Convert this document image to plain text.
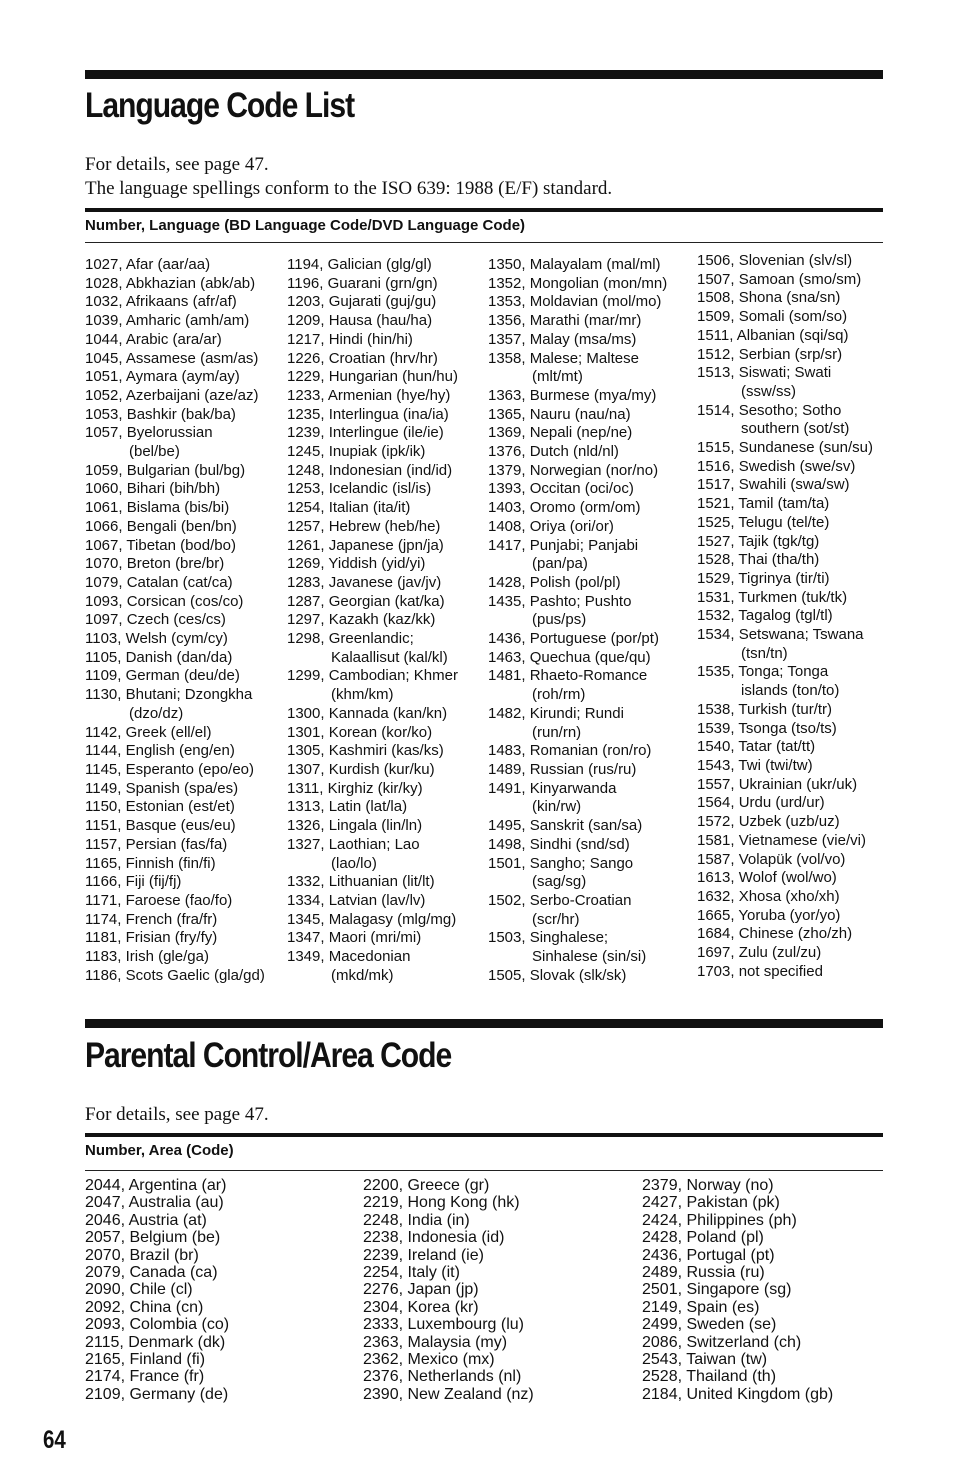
Language Code List

For details, see page 47.

The language spellings conform to the ISO 639: 1988 (E/F) standard.

Number, Language (BD Language Code/DVD Language Code)

1027, Afar (aar/aa)
1028, Abkhazian (abk/ab)
1032, Afrikaans (afr/af)
1039, Amharic (amh/am)
1044, Arabic (ara/ar)
1045, Assamese (asm/as)
1051, Aymara (aym/ay)
1052, Azerbaijani (aze/az)
1053, Bashkir (bak/ba)
1057, Byelorussian
(bel/be)
1059, Bulgarian (bul/bg)
1060, Bihari (bih/bh)
1061, Bislama (bis/bi)
1066, Bengali (ben/bn)
1067, Tibetan (bod/bo)
1070, Breton (bre/br)
1079, Catalan (cat/ca)
1093, Corsican (cos/co)
1097, Czech (ces/cs)
1103, Welsh (cym/cy)
1105, Danish (dan/da)
1109, German (deu/de)
1130, Bhutani; Dzongkha
(dzo/dz)
1142, Greek (ell/el)
1144, English (eng/en)
1145, Esperanto (epo/eo)
1149, Spanish (spa/es)
1150, Estonian (est/et)
1151, Basque (eus/eu)
1157, Persian (fas/fa)
1165, Finnish (fin/fi)
1166, Fiji (fij/fj)
1171, Faroese (fao/fo)
1174, French (fra/fr)
1181, Frisian (fry/fy)
1183, Irish (gle/ga)
1186, Scots Gaelic (gla/gd)
1194, Galician (glg/gl)
1196, Guarani (grn/gn)
1203, Gujarati (guj/gu)
1209, Hausa (hau/ha)
1217, Hindi (hin/hi)
1226, Croatian (hrv/hr)
1229, Hungarian (hun/hu)
1233, Armenian (hye/hy)
1235, Interlingua (ina/ia)
1239, Interlingue (ile/ie)
1245, Inupiak (ipk/ik)
1248, Indonesian (ind/id)
1253, Icelandic (isl/is)
1254, Italian (ita/it)
1257, Hebrew (heb/he)
1261, Japanese (jpn/ja)
1269, Yiddish (yid/yi)
1283, Javanese (jav/jv)
1287, Georgian (kat/ka)
1297, Kazakh (kaz/kk)
1298, Greenlandic;
Kalaallisut (kal/kl)
1299, Cambodian; Khmer
(khm/km)
1300, Kannada (kan/kn)
1301, Korean (kor/ko)
1305, Kashmiri (kas/ks)
1307, Kurdish (kur/ku)
1311, Kirghiz (kir/ky)
1313, Latin (lat/la)
1326, Lingala (lin/ln)
1327, Laothian; Lao
(lao/lo)
1332, Lithuanian (lit/lt)
1334, Latvian (lav/lv)
1345, Malagasy (mlg/mg)
1347, Maori (mri/mi)
1349, Macedonian
(mkd/mk)
1350, Malayalam (mal/ml)
1352, Mongolian (mon/mn)
1353, Moldavian (mol/mo)
1356, Marathi (mar/mr)
1357, Malay (msa/ms)
1358, Malese; Maltese
(mlt/mt)
1363, Burmese (mya/my)
1365, Nauru (nau/na)
1369, Nepali (nep/ne)
1376, Dutch (nld/nl)
1379, Norwegian (nor/no)
1393, Occitan (oci/oc)
1403, Oromo (orm/om)
1408, Oriya (ori/or)
1417, Punjabi; Panjabi
(pan/pa)
1428, Polish (pol/pl)
1435, Pashto; Pushto
(pus/ps)
1436, Portuguese (por/pt)
1463, Quechua (que/qu)
1481, Rhaeto-Romance
(roh/rm)
1482, Kirundi; Rundi
(run/rn)
1483, Romanian (ron/ro)
1489, Russian (rus/ru)
1491, Kinyarwanda
(kin/rw)
1495, Sanskrit (san/sa)
1498, Sindhi (snd/sd)
1501, Sangho; Sango
(sag/sg)
1502, Serbo-Croatian
(scr/hr)
1503, Singhalese;
Sinhalese (sin/si)
1505, Slovak (slk/sk)
1506, Slovenian (slv/sl)
1507, Samoan (smo/sm)
1508, Shona (sna/sn)
1509, Somali (som/so)
1511, Albanian (sqi/sq)
1512, Serbian (srp/sr)
1513, Siswati; Swati
(ssw/ss)
1514, Sesotho; Sotho
southern (sot/st)
1515, Sundanese (sun/su)
1516, Swedish (swe/sv)
1517, Swahili (swa/sw)
1521, Tamil (tam/ta)
1525, Telugu (tel/te)
1527, Tajik (tgk/tg)
1528, Thai (tha/th)
1529, Tigrinya (tir/ti)
1531, Turkmen (tuk/tk)
1532, Tagalog (tgl/tl)
1534, Setswana; Tswana
(tsn/tn)
1535, Tonga; Tonga
islands (ton/to)
1538, Turkish (tur/tr)
1539, Tsonga (tso/ts)
1540, Tatar (tat/tt)
1543, Twi (twi/tw)
1557, Ukrainian (ukr/uk)
1564, Urdu (urd/ur)
1572, Uzbek (uzb/uz)
1581, Vietnamese (vie/vi)
1587, Volapük (vol/vo)
1613, Wolof (wol/wo)
1632, Xhosa (xho/xh)
1665, Yoruba (yor/yo)
1684, Chinese (zho/zh)
1697, Zulu (zul/zu)
1703, not specified
Parental Control/Area Code

For details, see page 47.

Number, Area (Code)

2044, Argentina (ar)
2047, Australia (au)
2046, Austria (at)
2057, Belgium (be)
2070, Brazil (br)
2079, Canada (ca)
2090, Chile (cl)
2092, China (cn)
2093, Colombia (co)
2115, Denmark (dk)
2165, Finland (fi)
2174, France (fr)
2109, Germany (de)
2200, Greece (gr)
2219, Hong Kong (hk)
2248, India (in)
2238, Indonesia (id)
2239, Ireland (ie)
2254, Italy (it)
2276, Japan (jp)
2304, Korea (kr)
2333, Luxembourg (lu)
2363, Malaysia (my)
2362, Mexico (mx)
2376, Netherlands (nl)
2390, New Zealand (nz)
2379, Norway (no)
2427, Pakistan (pk)
2424, Philippines (ph)
2428, Poland (pl)
2436, Portugal (pt)
2489, Russia (ru)
2501, Singapore (sg)
2149, Spain (es)
2499, Sweden (se)
2086, Switzerland (ch)
2543, Taiwan (tw)
2528, Thailand (th)
2184, United Kingdom (gb)

64
